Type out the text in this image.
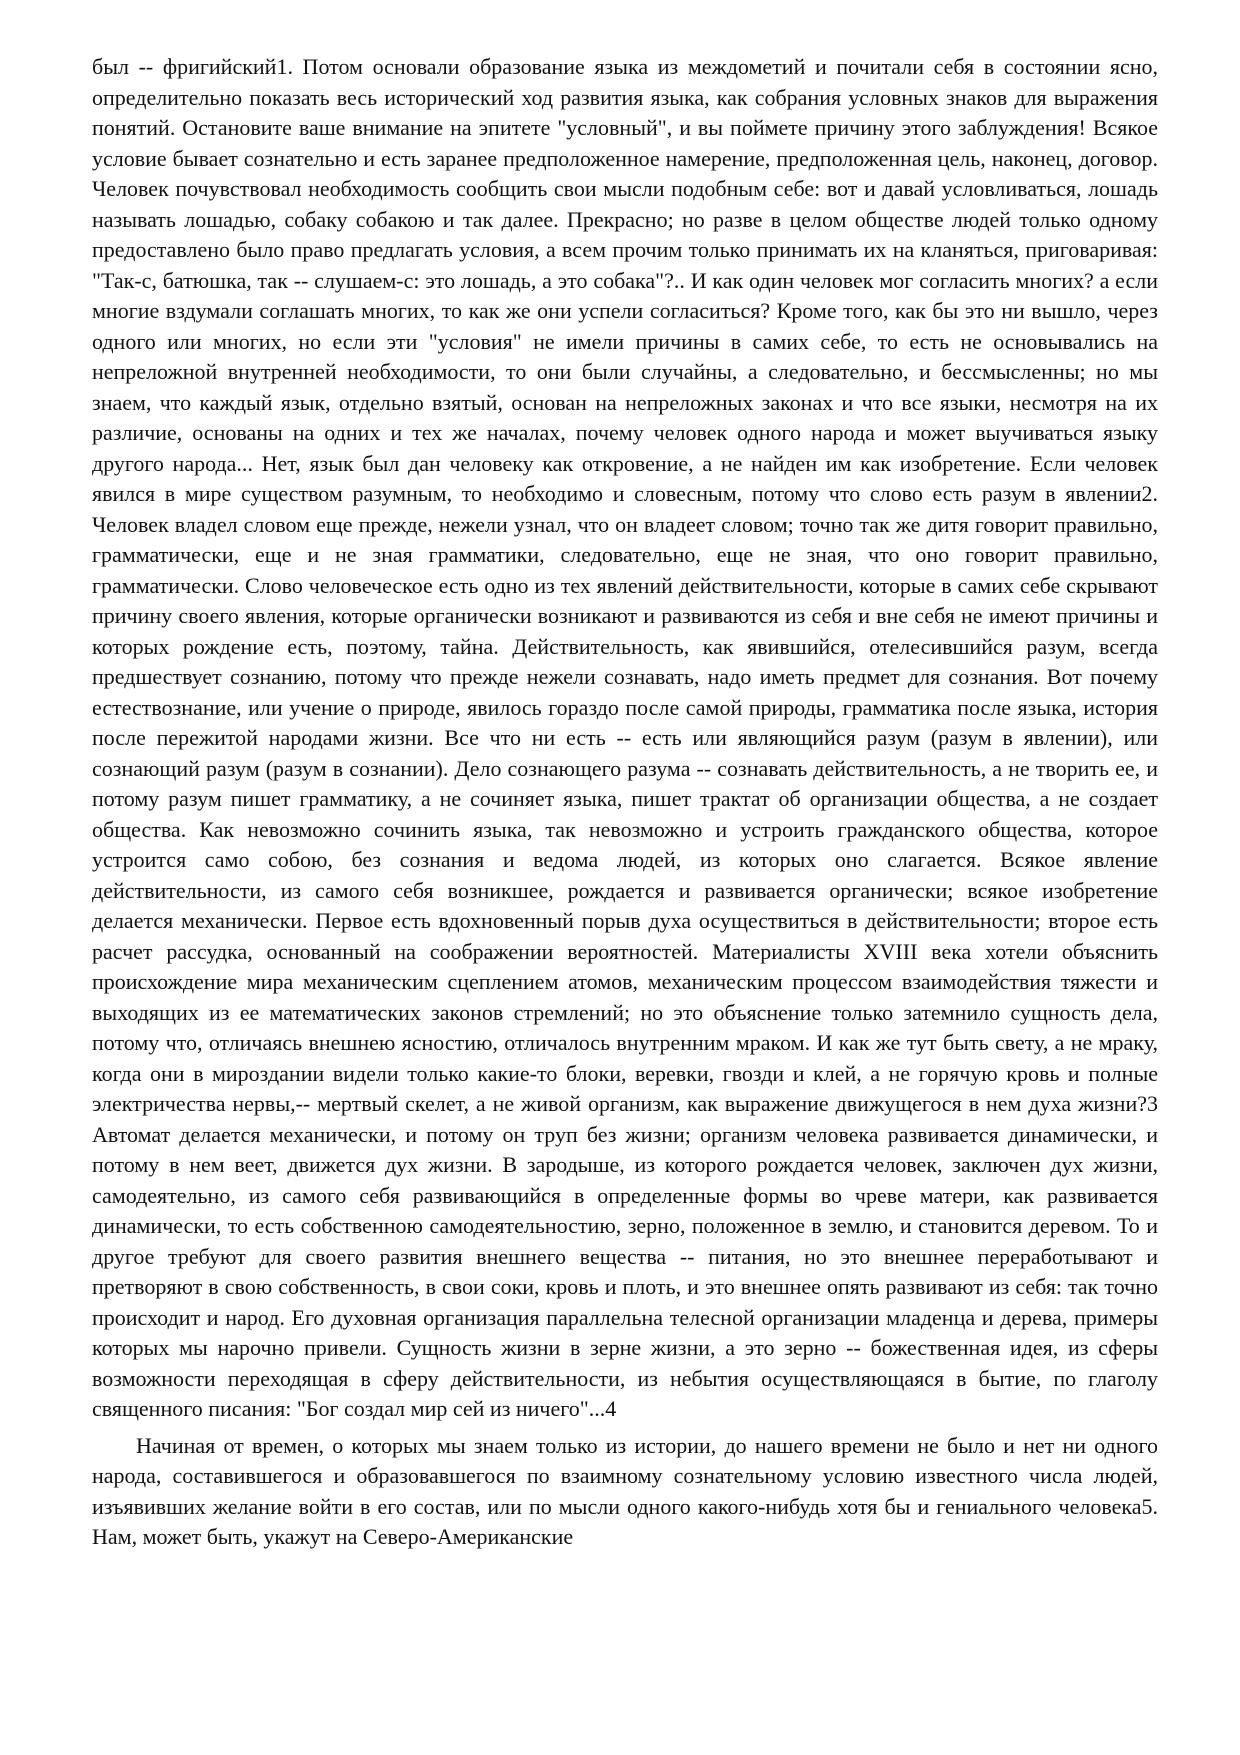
был -- фригийский1. Потом основали образование языка из междометий и почитали себя в состоянии ясно, определительно показать весь исторический ход развития языка, как собрания условных знаков для выражения понятий. Остановите ваше внимание на эпитете "условный", и вы поймете причину этого заблуждения! Всякое условие бывает сознательно и есть заранее предположенное намерение, предположенная цель, наконец, договор. Человек почувствовал необходимость сообщить свои мысли подобным себе: вот и давай условливаться, лошадь называть лошадью, собаку собакою и так далее. Прекрасно; но разве в целом обществе людей только одному предоставлено было право предлагать условия, а всем прочим только принимать их на кланяться, приговаривая: "Так-с, батюшка, так -- слушаем-с: это лошадь, а это собака"?.. И как один человек мог согласить многих? а если многие вздумали соглашать многих, то как же они успели согласиться? Кроме того, как бы это ни вышло, через одного или многих, но если эти "условия" не имели причины в самих себе, то есть не основывались на непреложной внутренней необходимости, то они были случайны, а следовательно, и бессмысленны; но мы знаем, что каждый язык, отдельно взятый, основан на непреложных законах и что все языки, несмотря на их различие, основаны на одних и тех же началах, почему человек одного народа и может выучиваться языку другого народа... Нет, язык был дан человеку как откровение, а не найден им как изобретение. Если человек явился в мире существом разумным, то необходимо и словесным, потому что слово есть разум в явлении2. Человек владел словом еще прежде, нежели узнал, что он владеет словом; точно так же дитя говорит правильно, грамматически, еще и не зная грамматики, следовательно, еще не зная, что оно говорит правильно, грамматически. Слово человеческое есть одно из тех явлений действительности, которые в самих себе скрывают причину своего явления, которые органически возникают и развиваются из себя и вне себя не имеют причины и которых рождение есть, поэтому, тайна. Действительность, как явившийся, отелесившийся разум, всегда предшествует сознанию, потому что прежде нежели сознавать, надо иметь предмет для сознания. Вот почему естествознание, или учение о природе, явилось гораздо после самой природы, грамматика после языка, история после пережитой народами жизни. Все что ни есть -- есть или являющийся разум (разум в явлении), или сознающий разум (разум в сознании). Дело сознающего разума -- сознавать действительность, а не творить ее, и потому разум пишет грамматику, а не сочиняет языка, пишет трактат об организации общества, а не создает общества. Как невозможно сочинить языка, так невозможно и устроить гражданского общества, которое устроится само собою, без сознания и ведома людей, из которых оно слагается. Всякое явление действительности, из самого себя возникшее, рождается и развивается органически; всякое изобретение делается механически. Первое есть вдохновенный порыв духа осуществиться в действительности; второе есть расчет рассудка, основанный на соображении вероятностей. Материалисты XVIII века хотели объяснить происхождение мира механическим сцеплением атомов, механическим процессом взаимодействия тяжести и выходящих из ее математических законов стремлений; но это объяснение только затемнило сущность дела, потому что, отличаясь внешнею ясностию, отличалось внутренним мраком. И как же тут быть свету, а не мраку, когда они в мироздании видели только какие-то блоки, веревки, гвозди и клей, а не горячую кровь и полные электричества нервы,-- мертвый скелет, а не живой организм, как выражение движущегося в нем духа жизни?3 Автомат делается механически, и потому он труп без жизни; организм человека развивается динамически, и потому в нем веет, движется дух жизни. В зародыше, из которого рождается человек, заключен дух жизни, самодеятельно, из самого себя развивающийся в определенные формы во чреве матери, как развивается динамически, то есть собственною самодеятельностию, зерно, положенное в землю, и становится деревом. То и другое требуют для своего развития внешнего вещества -- питания, но это внешнее переработывают и претворяют в свою собственность, в свои соки, кровь и плоть, и это внешнее опять развивают из себя: так точно происходит и народ. Его духовная организация параллельна телесной организации младенца и дерева, примеры которых мы нарочно привели. Сущность жизни в зерне жизни, а это зерно -- божественная идея, из сферы возможности переходящая в сферу действительности, из небытия осуществляющаяся в бытие, по глаголу священного писания: "Бог создал мир сей из ничего"...4

Начиная от времен, о которых мы знаем только из истории, до нашего времени не было и нет ни одного народа, составившегося и образовавшегося по взаимному сознательному условию известного числа людей, изъявивших желание войти в его состав, или по мысли одного какого-нибудь хотя бы и гениального человека5. Нам, может быть, укажут на Северо-Американские
